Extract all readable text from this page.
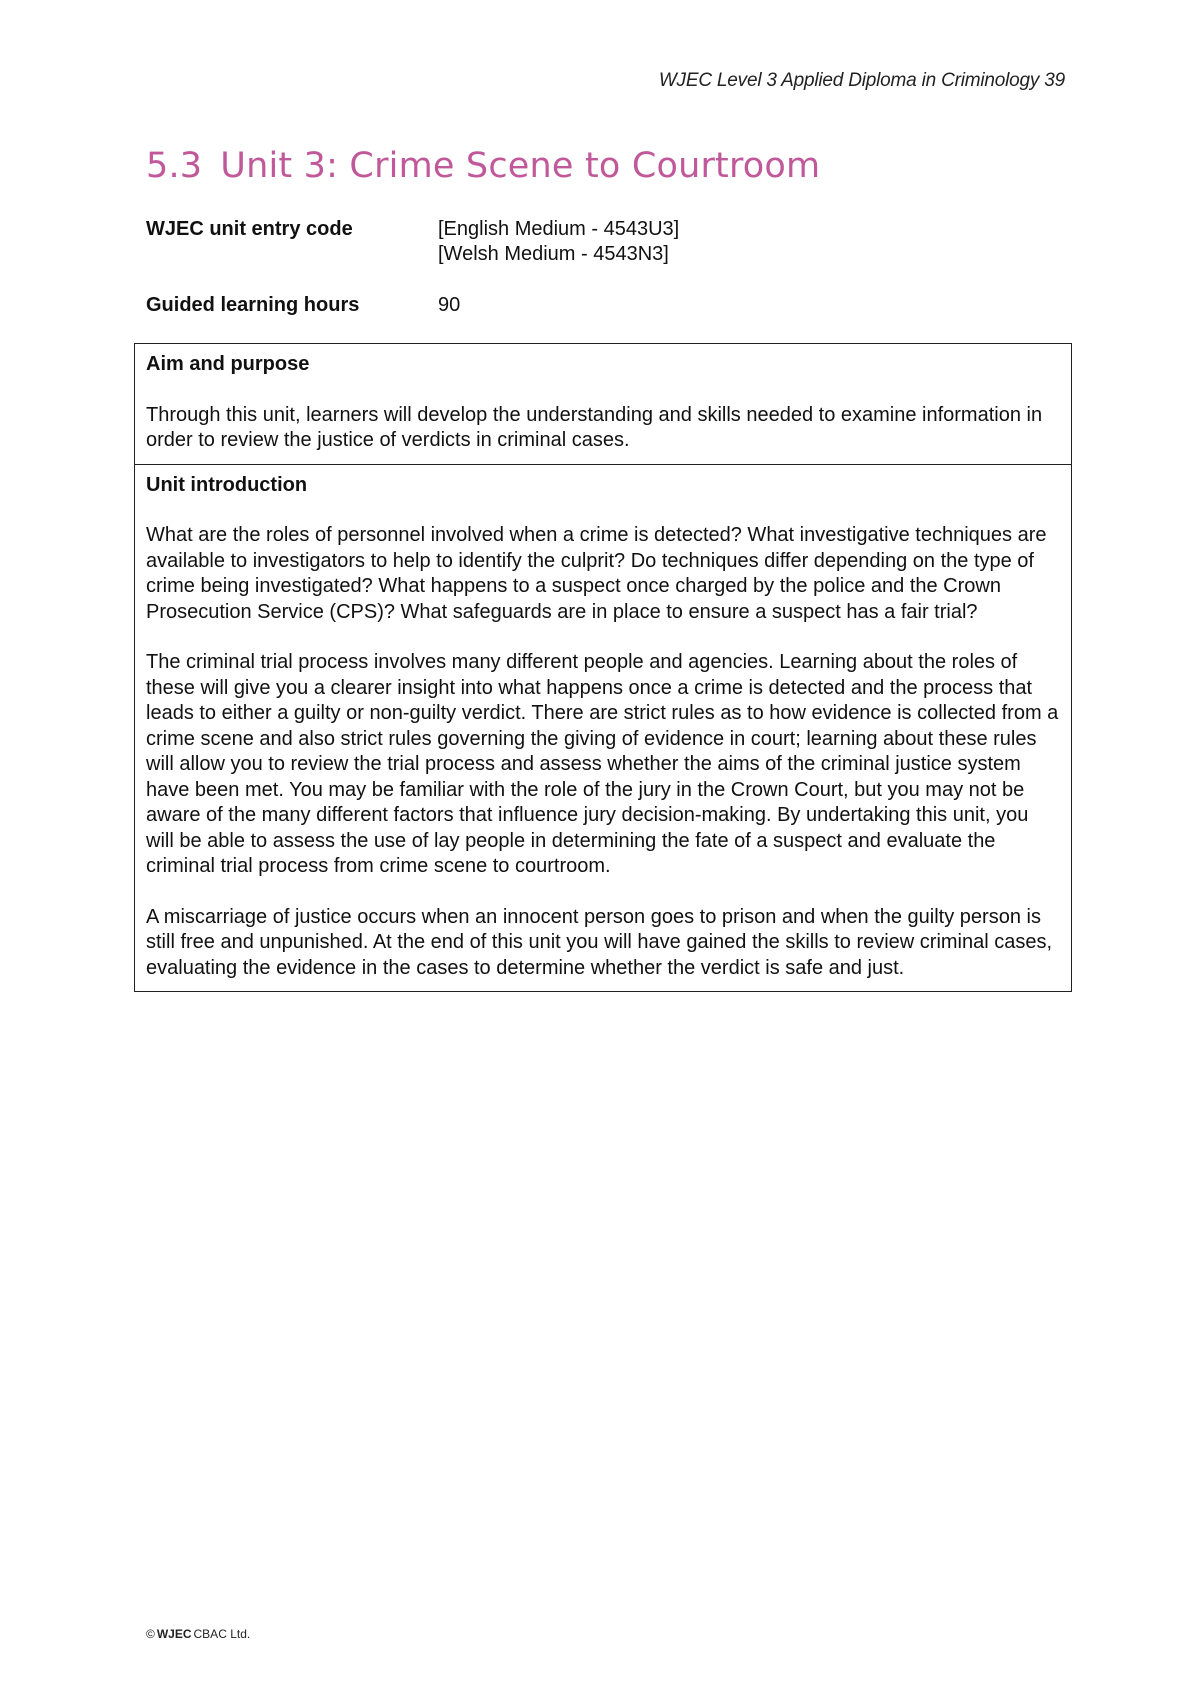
WJEC Level 3 Applied Diploma in Criminology 39
5.3 Unit 3: Crime Scene to Courtroom
WJEC unit entry code	[English Medium - 4543U3]
[Welsh Medium - 4543N3]
Guided learning hours	90

Aim and purpose

Through this unit, learners will develop the understanding and skills needed to examine information in order to review the justice of verdicts in criminal cases.

Unit introduction

What are the roles of personnel involved when a crime is detected? What investigative techniques are available to investigators to help to identify the culprit? Do techniques differ depending on the type of crime being investigated? What happens to a suspect once charged by the police and the Crown Prosecution Service (CPS)? What safeguards are in place to ensure a suspect has a fair trial?

The criminal trial process involves many different people and agencies. Learning about the roles of these will give you a clearer insight into what happens once a crime is detected and the process that leads to either a guilty or non-guilty verdict. There are strict rules as to how evidence is collected from a crime scene and also strict rules governing the giving of evidence in court; learning about these rules will allow you to review the trial process and assess whether the aims of the criminal justice system have been met. You may be familiar with the role of the jury in the Crown Court, but you may not be aware of the many different factors that influence jury decision-making. By undertaking this unit, you will be able to assess the use of lay people in determining the fate of a suspect and evaluate the criminal trial process from crime scene to courtroom.

A miscarriage of justice occurs when an innocent person goes to prison and when the guilty person is still free and unpunished. At the end of this unit you will have gained the skills to review criminal cases, evaluating the evidence in the cases to determine whether the verdict is safe and just.

© WJEC CBAC Ltd.
